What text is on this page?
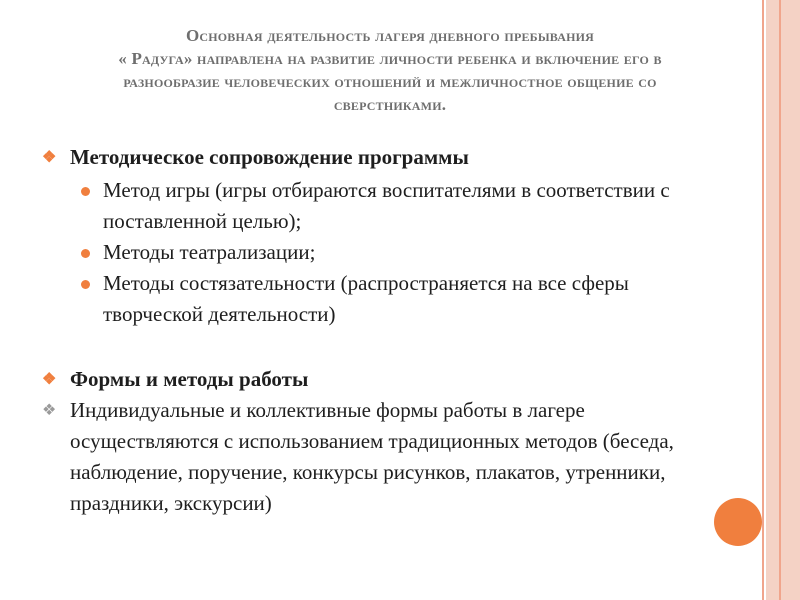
Основная деятельность лагеря дневного пребывания
« Радуга» направлена на развитие личности ребенка и включение его в
разнообразие человеческих отношений и межличностное общение со
сверстниками.
❖ Методическое сопровождение программы
Метод игры (игры отбираются воспитателями в соответствии с поставленной целью);
Методы театрализации;
Методы состязательности (распространяется на все сферы творческой деятельности)
❖ Формы и методы работы
❖ Индивидуальные и коллективные формы работы в лагере осуществляются с использованием традиционных методов (беседа, наблюдение, поручение, конкурсы рисунков, плакатов, утренники, праздники, экскурсии)
